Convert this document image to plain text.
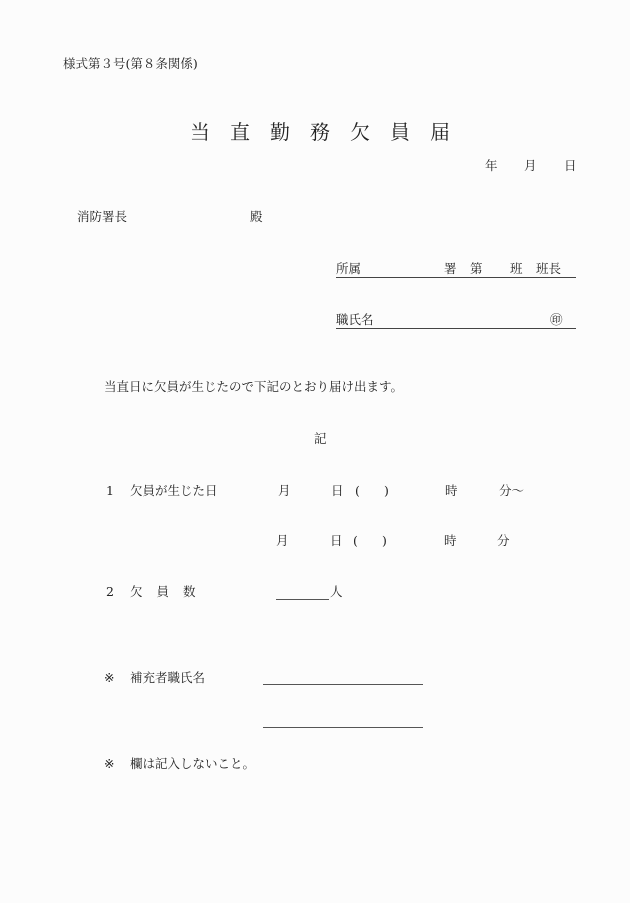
様式第３号(第８条関係)
当 直 勤 務 欠 員 届
年 月 日
消防署長	殿
所属	署 第 班 班長
職氏名	㊞
当直日に欠員が生じたので下記のとおり届け出ます。
記
1 欠員が生じた日	月	日 ( )	時	分～
月	日 ( )	時	分
2 欠 員 数	人
※ 補充者職氏名
※ 欄は記入しないこと。
